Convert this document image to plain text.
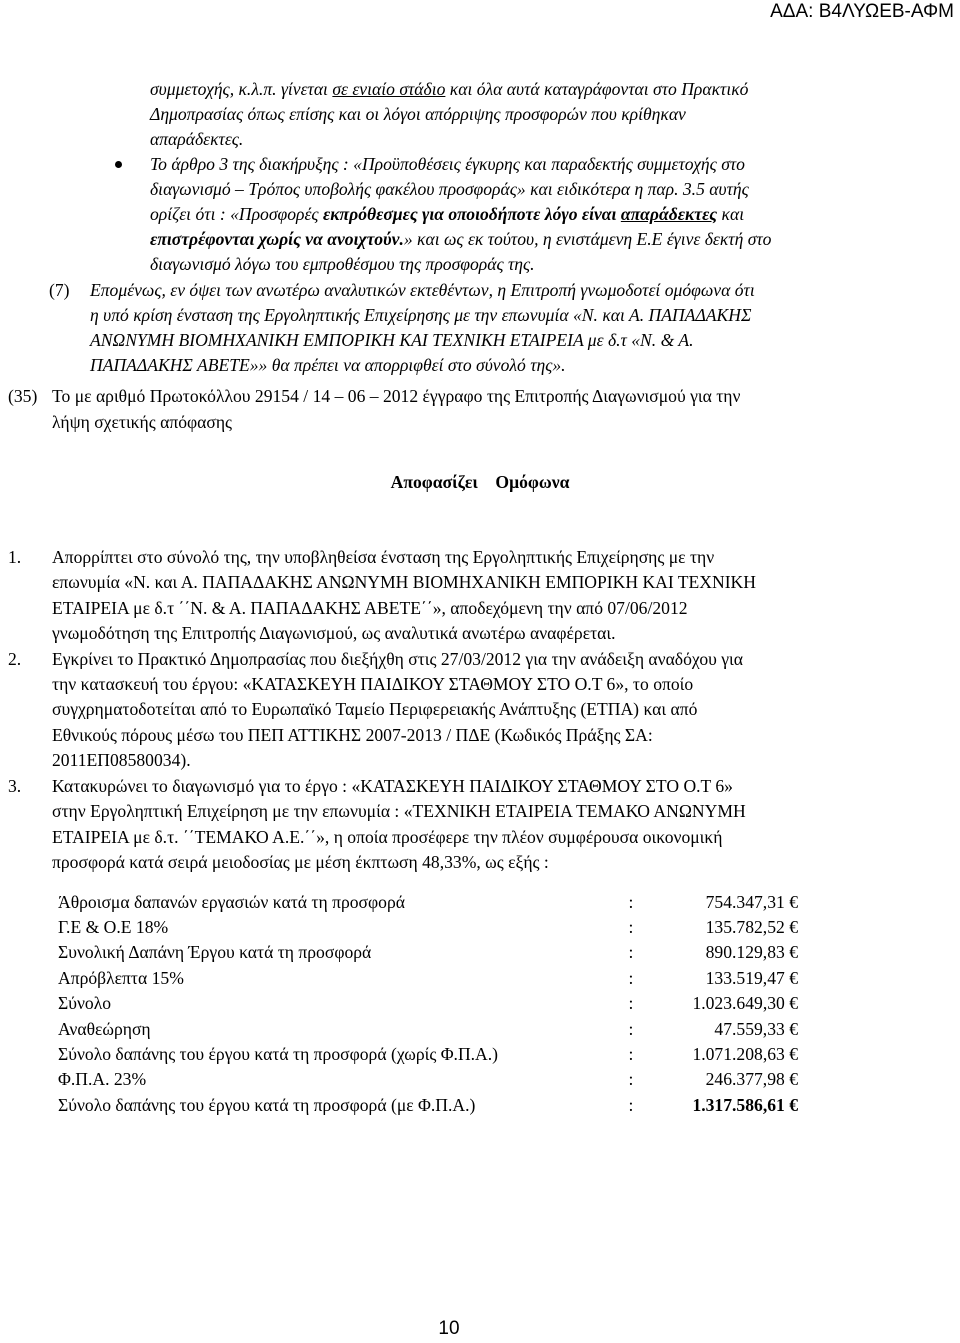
ΑΔΑ: Β4ΛΥΩΕΒ-ΑΦΜ
συμμετοχής, κ.λ.π. γίνεται σε ενιαίο στάδιο και όλα αυτά καταγράφονται στο Πρακτικό
Δημοπρασίας όπως επίσης και οι λόγοι απόρριψης προσφορών που κρίθηκαν
απαράδεκτες.
Το άρθρο 3 της διακήρυξης : «Προϋποθέσεις έγκυρης και παραδεκτής συμμετοχής στο
διαγωνισμό – Τρόπος υποβολής φακέλου προσφοράς» και ειδικότερα η παρ. 3.5 αυτής
ορίζει ότι : «Προσφορές εκπρόθεσμες για οποιοδήποτε λόγο είναι απαράδεκτες και
επιστρέφονται χωρίς να ανοιχτούν.» και ως εκ τούτου, η ενιστάμενη Ε.Ε έγινε δεκτή στο
διαγωνισμό λόγω του εμπροθέσμου της προσφοράς της.
(7) Επομένως, εν όψει των ανωτέρω αναλυτικών εκτεθέντων, η Επιτροπή γνωμοδοτεί ομόφωνα ότι
η υπό κρίση ένσταση της Εργοληπτικής Επιχείρησης με την επωνυμία «Ν. και Α. ΠΑΠΑΔΑΚΗΣ
ΑΝΩΝΥΜΗ ΒΙΟΜΗΧΑΝΙΚΗ ΕΜΠΟΡΙΚΗ ΚΑΙ ΤΕΧΝΙΚΗ ΕΤΑΙΡΕΙΑ με δ.τ «Ν. & Α.
ΠΑΠΑΔΑΚΗΣ ΑΒΕΤΕ»» θα πρέπει να απορριφθεί στο σύνολό της».
(35) Το με αριθμό Πρωτοκόλλου 29154 / 14 – 06 – 2012 έγγραφο της Επιτροπής Διαγωνισμού για την
λήψη σχετικής απόφασης
Αποφασίζει    Ομόφωνα
1. Απορρίπτει στο σύνολό της, την υποβληθείσα ένσταση της Εργοληπτικής Επιχείρησης με την
επωνυμία «Ν. και Α. ΠΑΠΑΔΑΚΗΣ ΑΝΩΝΥΜΗ ΒΙΟΜΗΧΑΝΙΚΗ ΕΜΠΟΡΙΚΗ ΚΑΙ ΤΕΧΝΙΚΗ
ΕΤΑΙΡΕΙΑ με δ.τ ΄΄Ν. & Α. ΠΑΠΑΔΑΚΗΣ ΑΒΕΤΕ΄΄», αποδεχόμενη την από 07/06/2012
γνωμοδότηση της Επιτροπής Διαγωνισμού, ως αναλυτικά ανωτέρω αναφέρεται.
2. Εγκρίνει το Πρακτικό Δημοπρασίας που διεξήχθη στις 27/03/2012 για την ανάδειξη αναδόχου για
την κατασκευή του έργου: «ΚΑΤΑΣΚΕΥΗ ΠΑΙΔΙΚΟΥ ΣΤΑΘΜΟΥ ΣΤΟ Ο.Τ 6», το οποίο
συγχρηματοδοτείται από το Ευρωπαϊκό Ταμείο Περιφερειακής Ανάπτυξης (ΕΤΠΑ) και από
Εθνικούς πόρους μέσω του ΠΕΠ ΑΤΤΙΚΗΣ 2007-2013 / ΠΔΕ (Κωδικός Πράξης ΣΑ:
2011ΕΠ08580034).
3. Κατακυρώνει το διαγωνισμό για το έργο : «ΚΑΤΑΣΚΕΥΗ ΠΑΙΔΙΚΟΥ ΣΤΑΘΜΟΥ ΣΤΟ Ο.Τ 6»
στην Εργοληπτική Επιχείρηση με την επωνυμία : «ΤΕΧΝΙΚΗ ΕΤΑΙΡΕΙΑ ΤΕΜΑΚΟ ΑΝΩΝΥΜΗ
ΕΤΑΙΡΕΙΑ με δ.τ. ΄΄ΤΕΜΑΚΟ Α.Ε.΄΄», η οποία προσέφερε την πλέον συμφέρουσα οικονομική
προσφορά κατά σειρά μειοδοσίας με μέση έκπτωση 48,33%, ως εξής :
Άθροισμα δαπανών εργασιών κατά τη προσφορά	:	754.347,31 €
Γ.Ε & Ο.Ε 18%	:	135.782,52 €
Συνολική Δαπάνη Έργου κατά τη προσφορά	:	890.129,83 €
Απρόβλεπτα 15%	:	133.519,47 €
Σύνολο	:	1.023.649,30 €
Αναθεώρηση	:	47.559,33 €
Σύνολο δαπάνης του έργου κατά τη προσφορά (χωρίς Φ.Π.Α.)	:	1.071.208,63 €
Φ.Π.Α. 23%	:	246.377,98 €
Σύνολο δαπάνης του έργου κατά τη προσφορά (με Φ.Π.Α.)	:	1.317.586,61 €
10
